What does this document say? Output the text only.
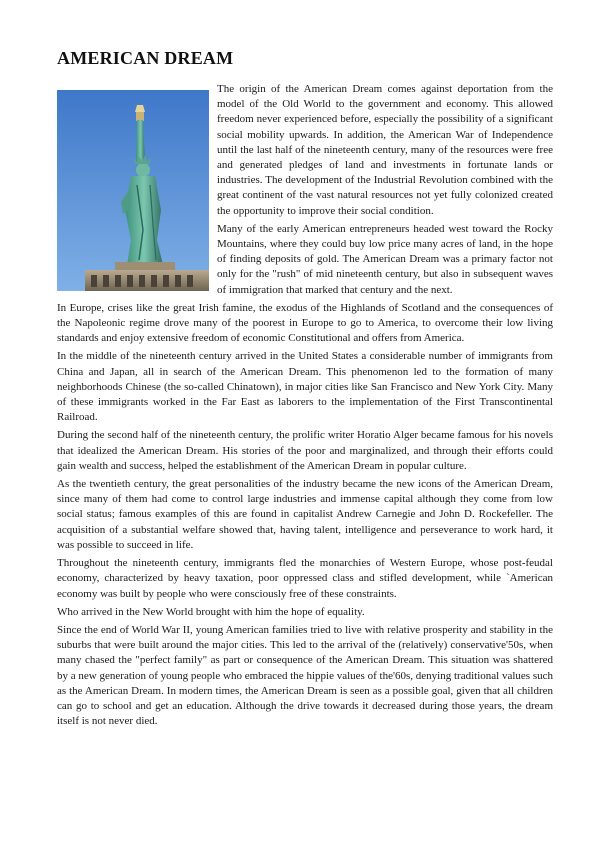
AMERICAN DREAM

The origin of the American Dream comes against deportation from the model of the Old World to the government and economy. This allowed freedom never experienced before, especially the possibility of a significant social mobility upwards. In addition, the American War of Independence until the last half of the nineteenth century, many of the resources were free and generated pledges of land and investments in fortunate lands or industries. The development of the Industrial Revolution combined with the great continent of the vast natural resources not yet fully colonized created the opportunity to improve their social condition.

Many of the early American entrepreneurs headed west toward the Rocky Mountains, where they could buy low price many acres of land, in the hope of finding deposits of gold. The American Dream was a primary factor not only for the "rush" of mid nineteenth century, but also in subsequent waves of immigration that marked that century and the next.

In Europe, crises like the great Irish famine, the exodus of the Highlands of Scotland and the consequences of the Napoleonic regime drove many of the poorest in Europe to go to America, to overcome their low living standards and enjoy extensive freedom of economic Constitutional and offers from America.

In the middle of the nineteenth century arrived in the United States a considerable number of immigrants from China and Japan, all in search of the American Dream. This phenomenon led to the formation of many neighborhoods Chinese (the so-called Chinatown), in major cities like San Francisco and New York City. Many of these immigrants worked in the Far East as laborers to the implementation of the First Transcontinental Railroad.

During the second half of the nineteenth century, the prolific writer Horatio Alger became famous for his novels that idealized the American Dream. His stories of the poor and marginalized, and through their efforts could gain wealth and success, helped the establishment of the American Dream in popular culture.

As the twentieth century, the great personalities of the industry became the new icons of the American Dream, since many of them had come to control large industries and immense capital although they come from low social status; famous examples of this are found in capitalist Andrew Carnegie and John D. Rockefeller. The acquisition of a substantial welfare showed that, having talent, intelligence and perseverance to work hard, it was possible to succeed in life.

Throughout the nineteenth century, immigrants fled the monarchies of Western Europe, whose post-feudal economy, characterized by heavy taxation, poor oppressed class and stifled development, while `American economy was built by people who were consciously free of these constraints.

Who arrived in the New World brought with him the hope of equality.

Since the end of World War II, young American families tried to live with relative prosperity and stability in the suburbs that were built around the major cities. This led to the arrival of the (relatively) conservative'50s, when many chased the "perfect family" as part or consequence of the American Dream. This situation was shattered by a new generation of young people who embraced the hippie values of the'60s, denying traditional values such as the American Dream. In modern times, the American Dream is seen as a possible goal, given that all children can go to school and get an education. Although the drive towards it decreased during those years, the dream itself is not never died.
